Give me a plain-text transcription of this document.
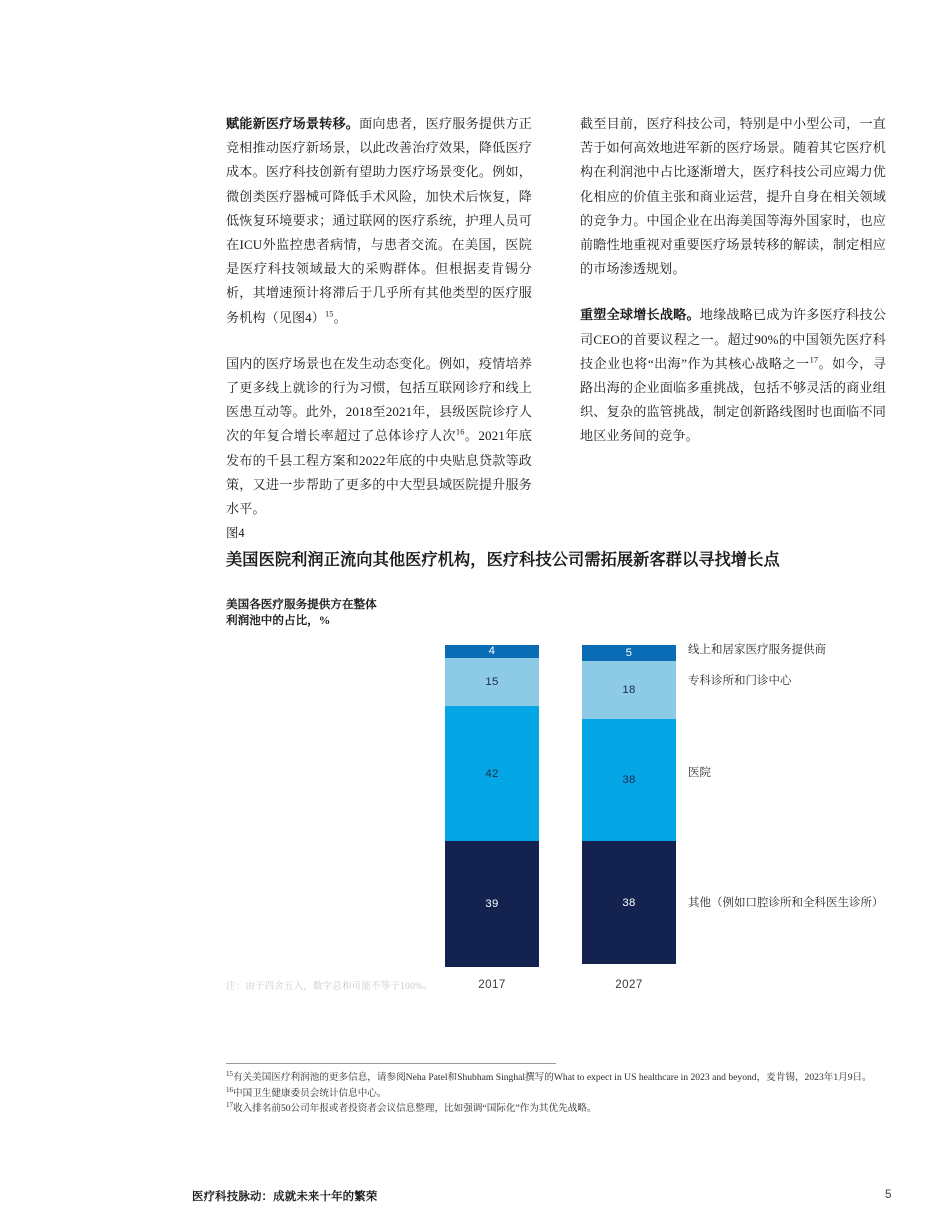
赋能新医疗场景转移。面向患者，医疗服务提供方正竞相推动医疗新场景，以此改善治疗效果，降低医疗成本。医疗科技创新有望助力医疗场景变化。例如，微创类医疗器械可降低手术风险，加快术后恢复，降低恢复环境要求；通过联网的医疗系统，护理人员可在ICU外监控患者病情，与患者交流。在美国，医院是医疗科技领域最大的采购群体。但根据麦肯锡分析，其增速预计将滞后于几乎所有其他类型的医疗服务机构（见图4）$^{15}$。

国内的医疗场景也在发生动态变化。例如，疫情培养了更多线上就诊的行为习惯，包括互联网诊疗和线上医患互动等。此外，2018至2021年，县级医院诊疗人次的年复合增长率超过了总体诊疗人次$^{16}$。2021年底发布的千县工程方案和2022年底的中央贴息贷款等政策，又进一步帮助了更多的中大型县域医院提升服务水平。

截至目前，医疗科技公司，特别是中小型公司，一直苦于如何高效地进军新的医疗场景。随着其它医疗机构在利润池中占比逐渐增大，医疗科技公司应竭力优化相应的价值主张和商业运营，提升自身在相关领域的竞争力。中国企业在出海美国等海外国家时，也应前瞻性地重视对重要医疗场景转移的解读，制定相应的市场渗透规划。

重塑全球增长战略。地缘战略已成为许多医疗科技公司CEO的首要议程之一。超过90%的中国领先医疗科技企业也将“出海”作为其核心战略之一$^{17}$。如今，寻路出海的企业面临多重挑战，包括不够灵活的商业组织、复杂的监管挑战，制定创新路线图时也面临不同地区业务间的竞争。

图4
美国医院利润正流向其他医疗机构，医疗科技公司需拓展新客群以寻找增长点
美国各医疗服务提供方在整体
利润池中的占比，%
4
15
42
39
5
18
38
38
2017	2027
线上和居家医疗服务提供商
专科诊所和门诊中心
医院
其他（例如口腔诊所和全科医生诊所）
注：由于四舍五入，数字总和可能不等于100%。

$^{15}$有关美国医疗利润池的更多信息，请参阅Neha Patel和Shubham Singhal撰写的What to expect in US healthcare in 2023 and beyond，麦肯锡，2023年1月9日。

$^{16}$中国卫生健康委员会统计信息中心。

$^{17}$收入排名前50公司年报或者投资者会议信息整理，比如强调“国际化”作为其优先战略。

医疗科技脉动：成就未来十年的繁荣	5
